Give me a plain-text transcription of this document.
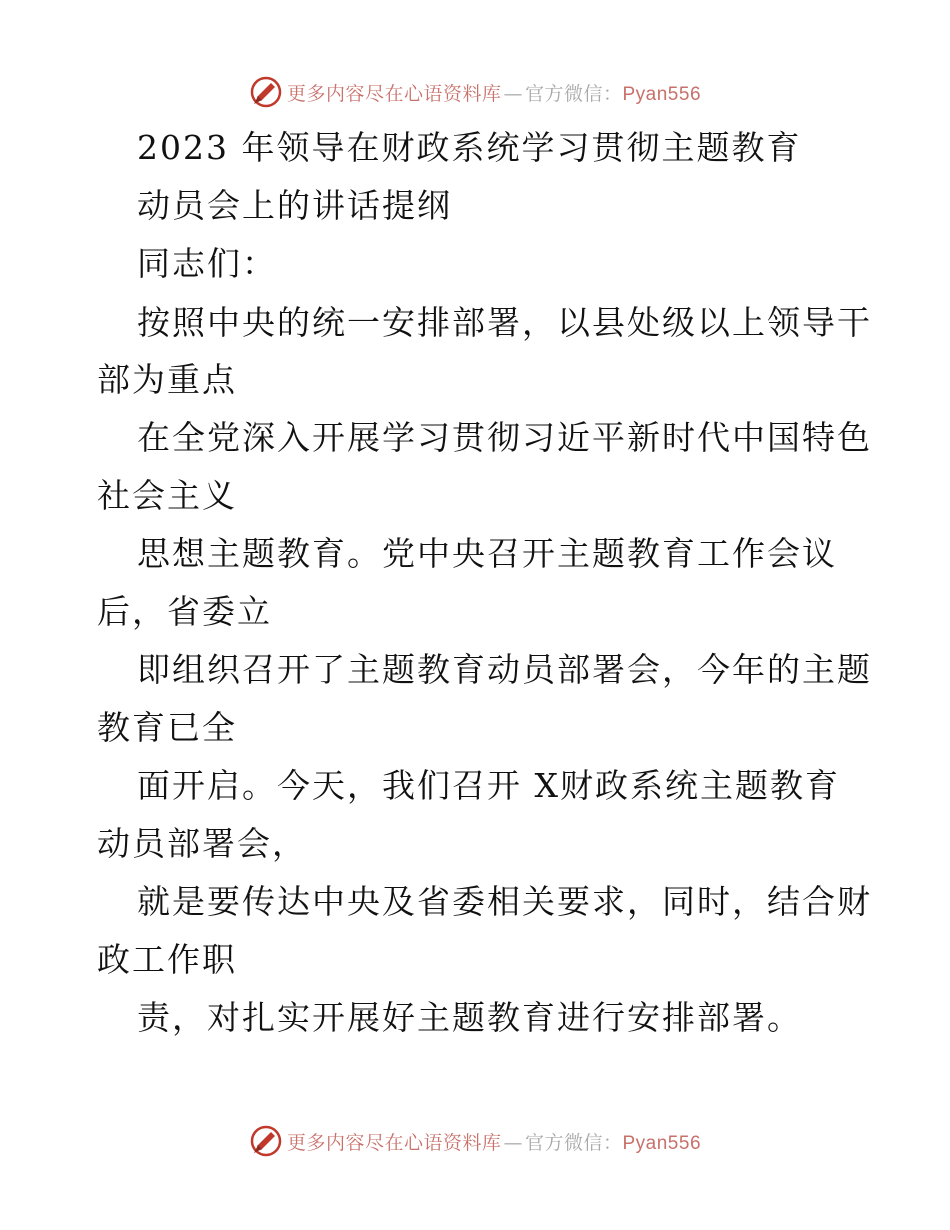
更多内容尽在心语资料库 — 官方微信：Pyan556
2023 年领导在财政系统学习贯彻主题教育
动员会上的讲话提纲
同志们：
按照中央的统一安排部署，以县处级以上领导干
部为重点
在全党深入开展学习贯彻习近平新时代中国特色
社会主义
思想主题教育。党中央召开主题教育工作会议
后，省委立
即组织召开了主题教育动员部署会，今年的主题
教育已全
面开启。今天，我们召开 X财政系统主题教育
动员部署会，
就是要传达中央及省委相关要求，同时，结合财
政工作职
责，对扎实开展好主题教育进行安排部署。
更多内容尽在心语资料库 — 官方微信：Pyan556
